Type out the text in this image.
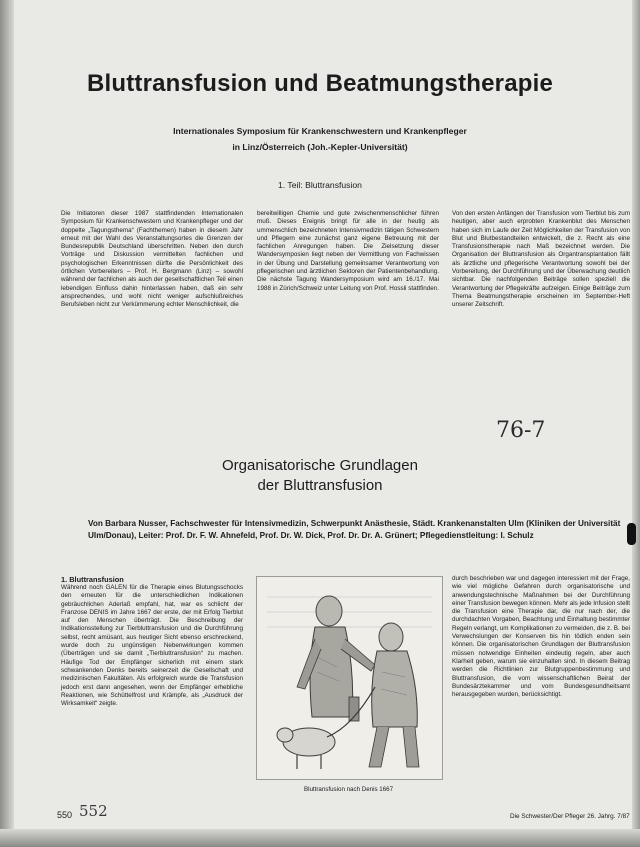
Bluttransfusion und Beatmungstherapie
Internationales Symposium für Krankenschwestern und Krankenpfleger
in Linz/Österreich (Joh.-Kepler-Universität)
1. Teil: Bluttransfusion
Die Initiatoren dieser 1987 stattfindenden Internationalen Symposium für Krankenschwestern und Krankenpfleger und der doppelte „Tagungsthema“ (Fachthemen) haben in diesem Jahr erneut mit der Wahl des Veranstaltungsortes die Grenzen der Bundesrepublik Deutschland überschritten. Neben den durch Vorträge und Diskussion vermittelten fachlichen und psychologischen Erkenntnissen dürfte die Persönlichkeit des örtlichen Vorbereiters – Prof. H. Bergmann (Linz) – sowohl während der fachlichen als auch der gesellschaftlichen Teil einen lebendigen Einfluss dahin hinterlassen haben, daß ein sehr ansprechendes, und wohl nicht weniger aufschlußreiches Berufsleben nicht zur Verkümmerung echter Menschlichkeit, die
bereitwilligen Chemie und gute zwischenmenschlicher führen muß. Dieses Ereignis bringt für alle in der heutig als ummenschlich bezeichneten Intensivmedizin tätigen Schwestern und Pflegern eine zunächst ganz eigene Betreuung mit der fachlichen Anregungen haben. Die Zielsetzung dieser Wandersymposien liegt neben der Vermittlung von Fachwissen in der Übung und Darstellung gemeinsamer Verantwortung von pflegerischen und ärztlichen Sektoren der Patientenbehandlung. Die nächste Tagung Wandersymposium wird am 16./17. Mai 1988 in Zürich/Schweiz unter Leitung von Prof. Hossli stattfinden.
Von den ersten Anfängen der Transfusion vom Tierblut bis zum heutigen, aber auch erprobten Krankenblut des Menschen haben sich im Laufe der Zeit Möglichkeiten der Transfusion von Blut und Blutbestandteilen entwickelt, die z. Recht als eine Transfusionstherapie nach Maß bezeichnet werden. Die Organisation der Bluttransfusion als Organtransplantation fällt als ärztliche und pflegerische Verantwortung sowohl bei der Vorbereitung, der Durchführung und der Überwachung deutlich sichtbar. Die nachfolgenden Beiträge sollen speziell die Verantwortung der Pflegekräfte aufzeigen. Einige Beiträge zum Thema Beatmungstherapie erscheinen im September-Heft unserer Zeitschrift.
76-7
Organisatorische Grundlagen
der Bluttransfusion
Von Barbara Nusser, Fachschwester für Intensivmedizin, Schwerpunkt Anästhesie, Städt. Krankenanstalten Ulm (Kliniken der Universität Ulm/Donau), Leiter: Prof. Dr. F. W. Ahnefeld, Prof. Dr. W. Dick, Prof. Dr. Dr. A. Grünert; Pflegedienstleitung: I. Schulz
1. Bluttransfusion
Während noch GALEN für die Therapie eines Blutungsschocks den erneuten für die unterschiedlichen Indikationen gebräuchlichen Aderlaß empfahl, hat, war es schlicht der Franzose DENIS im Jahre 1667 der erste, der mit Erfolg Tierblut auf den Menschen überträgt. Die Beschreibung der Indikationsstellung zur Tierbluttransfusion und die Durchführung selbst, recht amüsant, aus heutiger Sicht ebenso erschreckend, wurde doch zu ungünstigen Nebenwirkungen kommen (Überträgen und sie damit „Tierbluttransfusion“ zu machen. Häufige Tod der Empfänger sicherlich mit einem stark schwankenden Denks bereits seinerzeit die Gesellschaft und medizinischen Fakultäten. Als erfolgreich wurde die Transfusion jedoch erst dann angesehen, wenn der Empfänger erhebliche Reaktionen, wie Schüttelfrost und Krämpfe, als „Ausdruck der Wirksamkeit“ zeigte.
Bluttransfusion nach Denis 1667
durch beschrieben war und dagegen interessiert mit der Frage, wie viel mögliche Gefahren durch organisatorische und anwendungstechnische Maßnahmen bei der Durchführung einer Transfusion bewegen können. Mehr als jede Infusion stellt die Transfusion eine Therapie dar, die nur nach der, die durchdachten Vorgaben, Beachtung und Einhaltung bestimmter Regeln verlangt, um Komplikationen zu vermeiden, die z. B. bei Verwechslungen der Konserven bis hin tödlich enden sein können. Die organisatorischen Grundlagen der Bluttransfusion müssen notwendige Einheiten eindeutig regeln, aber auch Klarheit geben, warum sie einzuhalten sind. In diesem Beitrag werden die Richtlinien zur Blutgruppenbestimmung und Bluttransfusion, die vom wissenschaftlichen Beirat der Bundesärztekammer und vom Bundesgesundheitsamt herausgegeben wurden, berücksichtigt.
550 552	Die Schwester/Der Pfleger 26. Jahrg. 7/87
